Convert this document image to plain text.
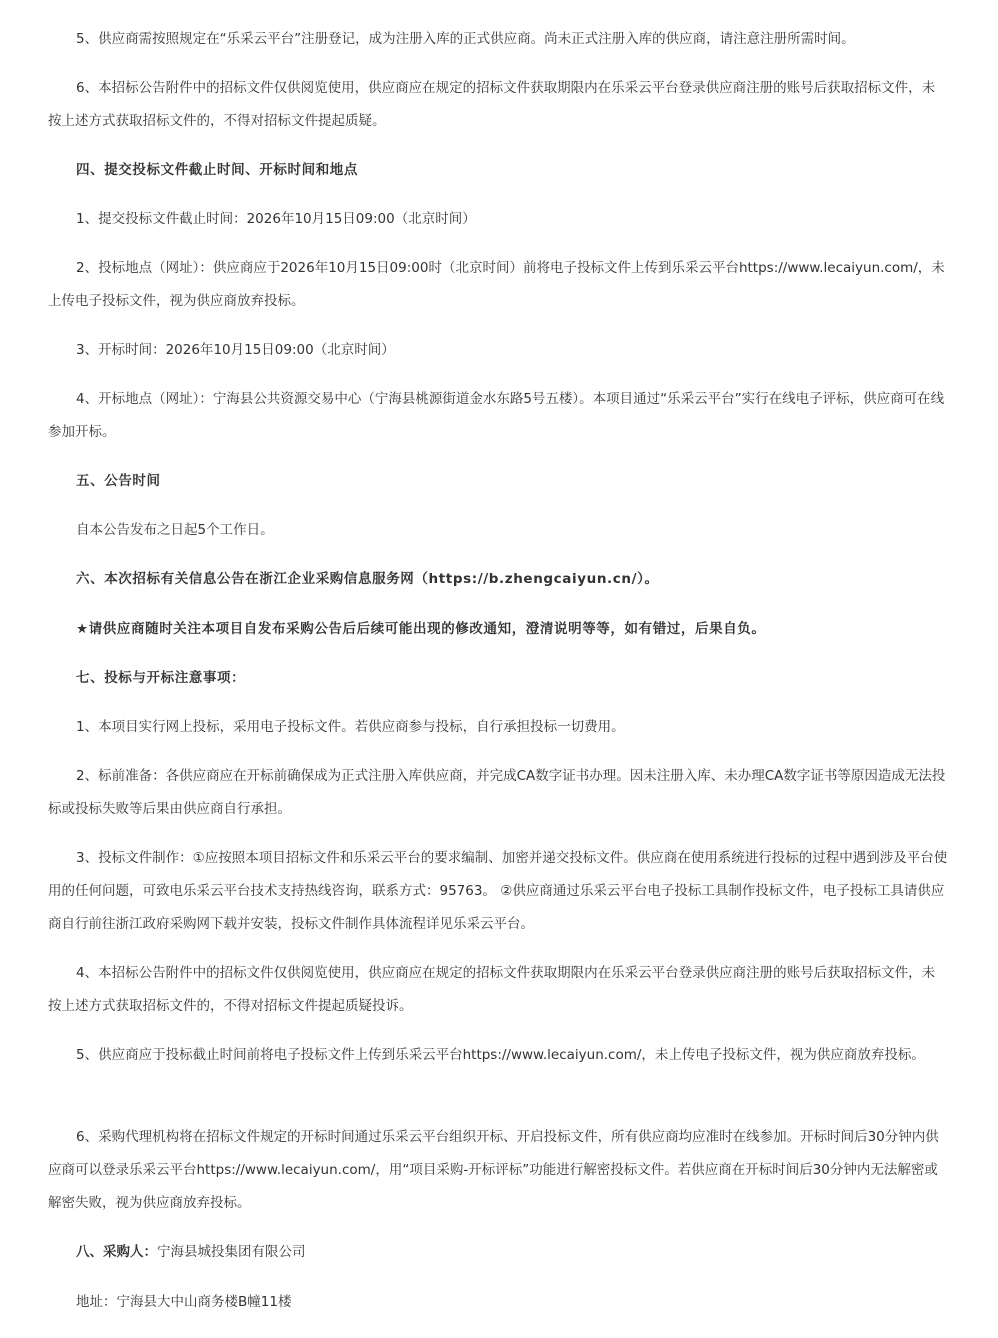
5、供应商需按照规定在“乐采云平台”注册登记，成为注册入库的正式供应商。尚未正式注册入库的供应商，请注意注册所需时间。

6、本招标公告附件中的招标文件仅供阅览使用，供应商应在规定的招标文件获取期限内在乐采云平台登录供应商注册的账号后获取招标文件，未按上述方式获取招标文件的，不得对招标文件提起质疑。

四、提交投标文件截止时间、开标时间和地点

1、提交投标文件截止时间：2026年10月15日09:00（北京时间）

2、投标地点（网址）：供应商应于2026年10月15日09:00时（北京时间）前将电子投标文件上传到乐采云平台https://www.lecaiyun.com/，未上传电子投标文件，视为供应商放弃投标。

3、开标时间：2026年10月15日09:00（北京时间）

4、开标地点（网址）：宁海县公共资源交易中心（宁海县桃源街道金水东路5号五楼）。本项目通过“乐采云平台”实行在线电子评标，供应商可在线参加开标。

五、公告时间

自本公告发布之日起5个工作日。

六、本次招标有关信息公告在浙江企业采购信息服务网（https://b.zhengcaiyun.cn/）。

★请供应商随时关注本项目自发布采购公告后后续可能出现的修改通知，澄清说明等等，如有错过，后果自负。

七、投标与开标注意事项：

1、本项目实行网上投标，采用电子投标文件。若供应商参与投标，自行承担投标一切费用。

2、标前准备：各供应商应在开标前确保成为正式注册入库供应商，并完成CA数字证书办理。因未注册入库、未办理CA数字证书等原因造成无法投标或投标失败等后果由供应商自行承担。

3、投标文件制作：①应按照本项目招标文件和乐采云平台的要求编制、加密并递交投标文件。供应商在使用系统进行投标的过程中遇到涉及平台使用的任何问题，可致电乐采云平台技术支持热线咨询，联系方式：95763。 ②供应商通过乐采云平台电子投标工具制作投标文件，电子投标工具请供应商自行前往浙江政府采购网下载并安装，投标文件制作具体流程详见乐采云平台。

4、本招标公告附件中的招标文件仅供阅览使用，供应商应在规定的招标文件获取期限内在乐采云平台登录供应商注册的账号后获取招标文件，未按上述方式获取招标文件的，不得对招标文件提起质疑投诉。

5、供应商应于投标截止时间前将电子投标文件上传到乐采云平台https://www.lecaiyun.com/，未上传电子投标文件，视为供应商放弃投标。

6、采购代理机构将在招标文件规定的开标时间通过乐采云平台组织开标、开启投标文件，所有供应商均应准时在线参加。开标时间后30分钟内供应商可以登录乐采云平台https://www.lecaiyun.com/，用“项目采购-开标评标”功能进行解密投标文件。若供应商在开标时间后30分钟内无法解密或解密失败，视为供应商放弃投标。

八、采购人：宁海县城投集团有限公司

地址：宁海县大中山商务楼B幢11楼
